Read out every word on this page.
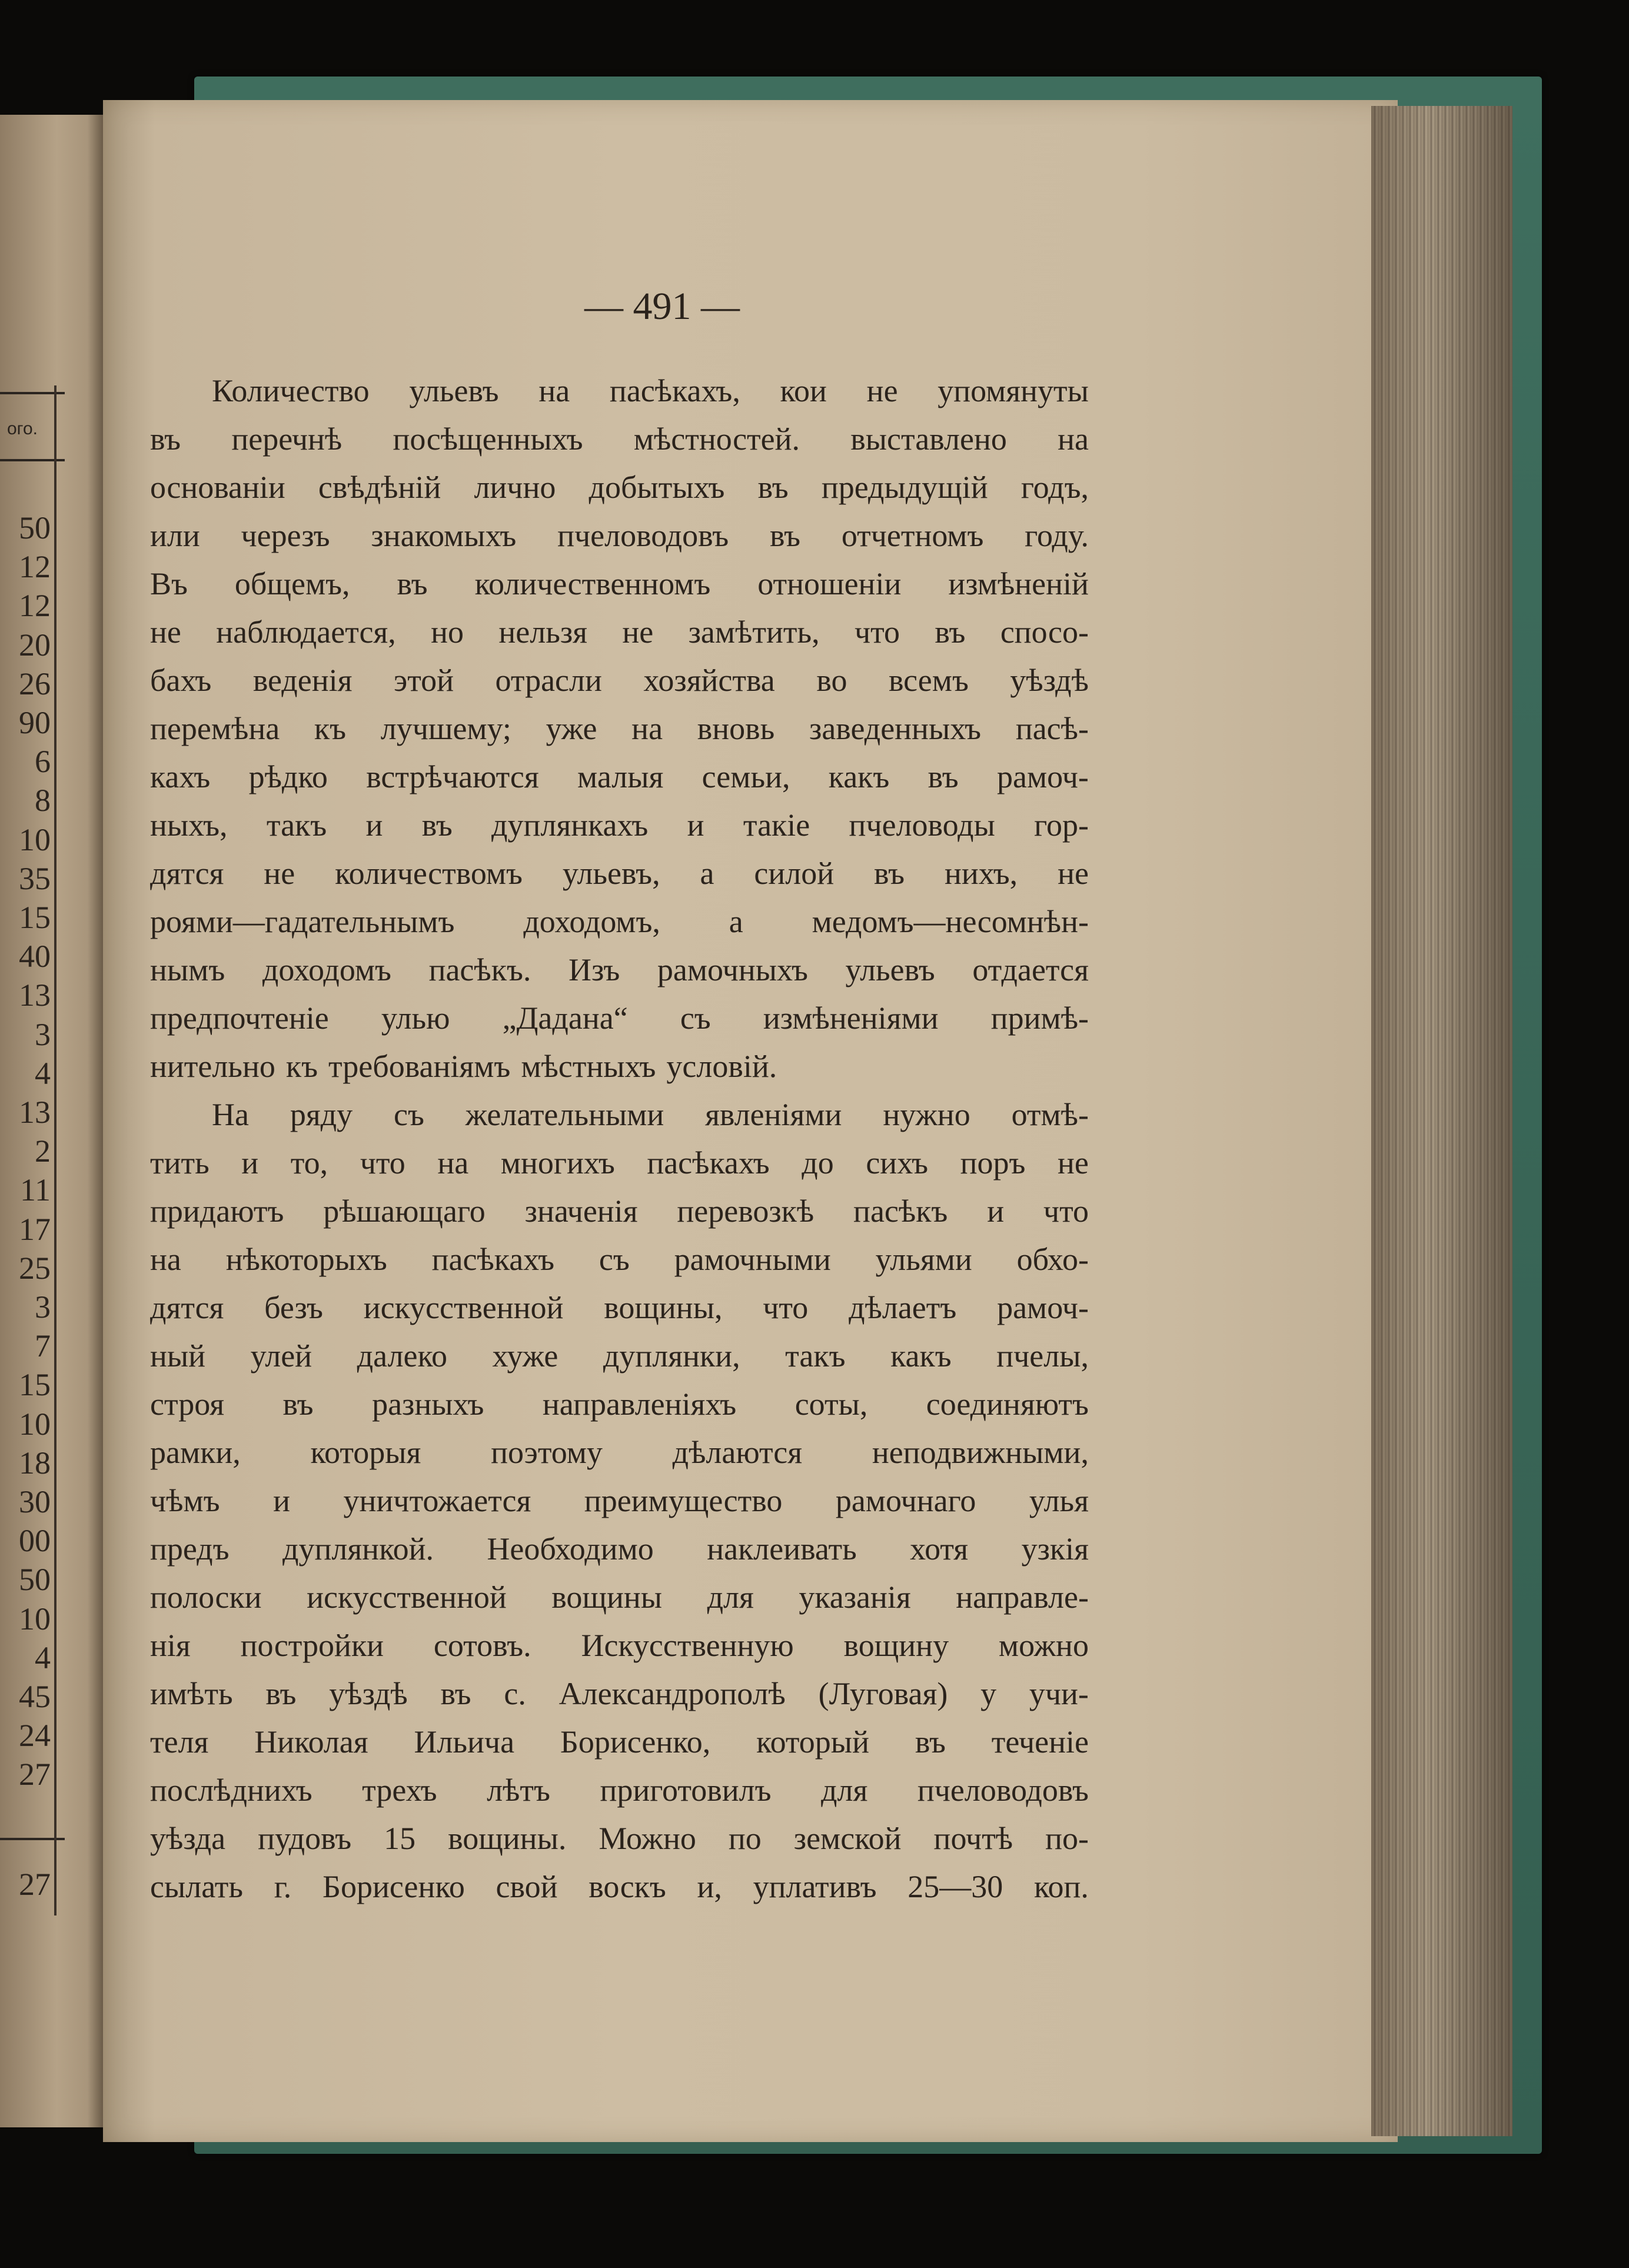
ого.
50
12
12
20
26
90
6
8
10
35
15
40
13
3
4
13
2
11
17
25
3
7
15
10
18
30
00
50
10
4
45
24
27
27
— 491 —
Количество ульевъ на пасѣкахъ, кои не упомянуты
въ перечнѣ посѣщенныхъ мѣстностей. выставлено на
основаніи свѣдѣній лично добытыхъ въ предыдущій годъ,
или черезъ знакомыхъ пчеловодовъ въ отчетномъ году.
Въ общемъ, въ количественномъ отношеніи измѣненій
не наблюдается, но нельзя не замѣтить, что въ спосо-
бахъ веденія этой отрасли хозяйства во всемъ уѣздѣ
перемѣна къ лучшему; уже на вновь заведенныхъ пасѣ-
кахъ рѣдко встрѣчаются малыя семьи, какъ въ рамоч-
ныхъ, такъ и въ дуплянкахъ и такіе пчеловоды гор-
дятся не количествомъ ульевъ, а силой въ нихъ, не
роями—гадательнымъ доходомъ, а медомъ—несомнѣн-
нымъ доходомъ пасѣкъ. Изъ рамочныхъ ульевъ отдается
предпочтеніе улью „Дадана“ съ измѣненіями примѣ-
нительно къ требованіямъ мѣстныхъ условій.
На ряду съ желательными явленіями нужно отмѣ-
тить и то, что на многихъ пасѣкахъ до сихъ поръ не
придаютъ рѣшающаго значенія перевозкѣ пасѣкъ и что
на нѣкоторыхъ пасѣкахъ съ рамочными ульями обхо-
дятся безъ искусственной вощины, что дѣлаетъ рамоч-
ный улей далеко хуже дуплянки, такъ какъ пчелы,
строя въ разныхъ направленіяхъ соты, соединяютъ
рамки, которыя поэтому дѣлаются неподвижными,
чѣмъ и уничтожается преимущество рамочнаго улья
предъ дуплянкой. Необходимо наклеивать хотя узкія
полоски искусственной вощины для указанія направле-
нія постройки сотовъ. Искусственную вощину можно
имѣть въ уѣздѣ въ с. Александрополѣ (Луговая) у учи-
теля Николая Ильича Борисенко, который въ теченіе
послѣднихъ трехъ лѣтъ приготовилъ для пчеловодовъ
уѣзда пудовъ 15 вощины. Можно по земской почтѣ по-
сылать г. Борисенко свой воскъ и, уплативъ 25—30 коп.
